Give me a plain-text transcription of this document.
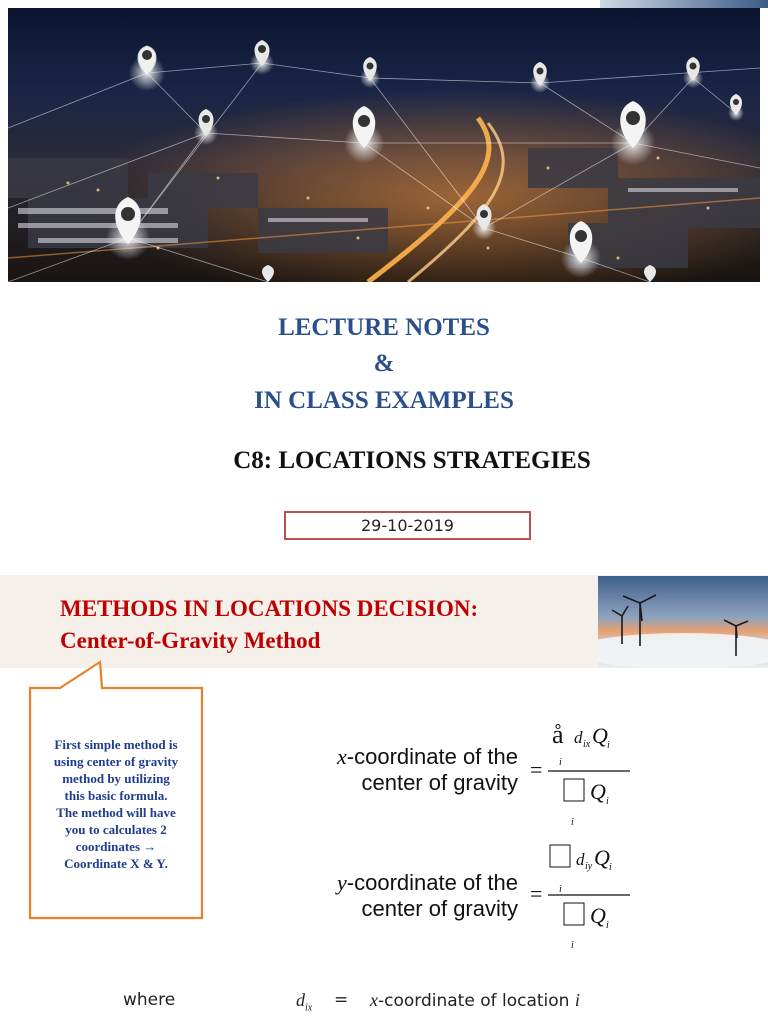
LECTURE NOTES
&
IN CLASS EXAMPLES
C8: LOCATIONS STRATEGIES
29-10-2019
METHODS IN LOCATIONS DECISION:
Center-of-Gravity Method
First simple method is
using center of gravity
method by utilizing
this basic formula.
The method will have
you to calculates 2
coordinates →
Coordinate X & Y.
x-coordinate of the
center of gravity
y-coordinate of the
center of gravity
å d ix Q i
i
=
Q i
i
d iy Q i
i
=
Q i
i
where	$d_{ix}$ = x-coordinate of location i
